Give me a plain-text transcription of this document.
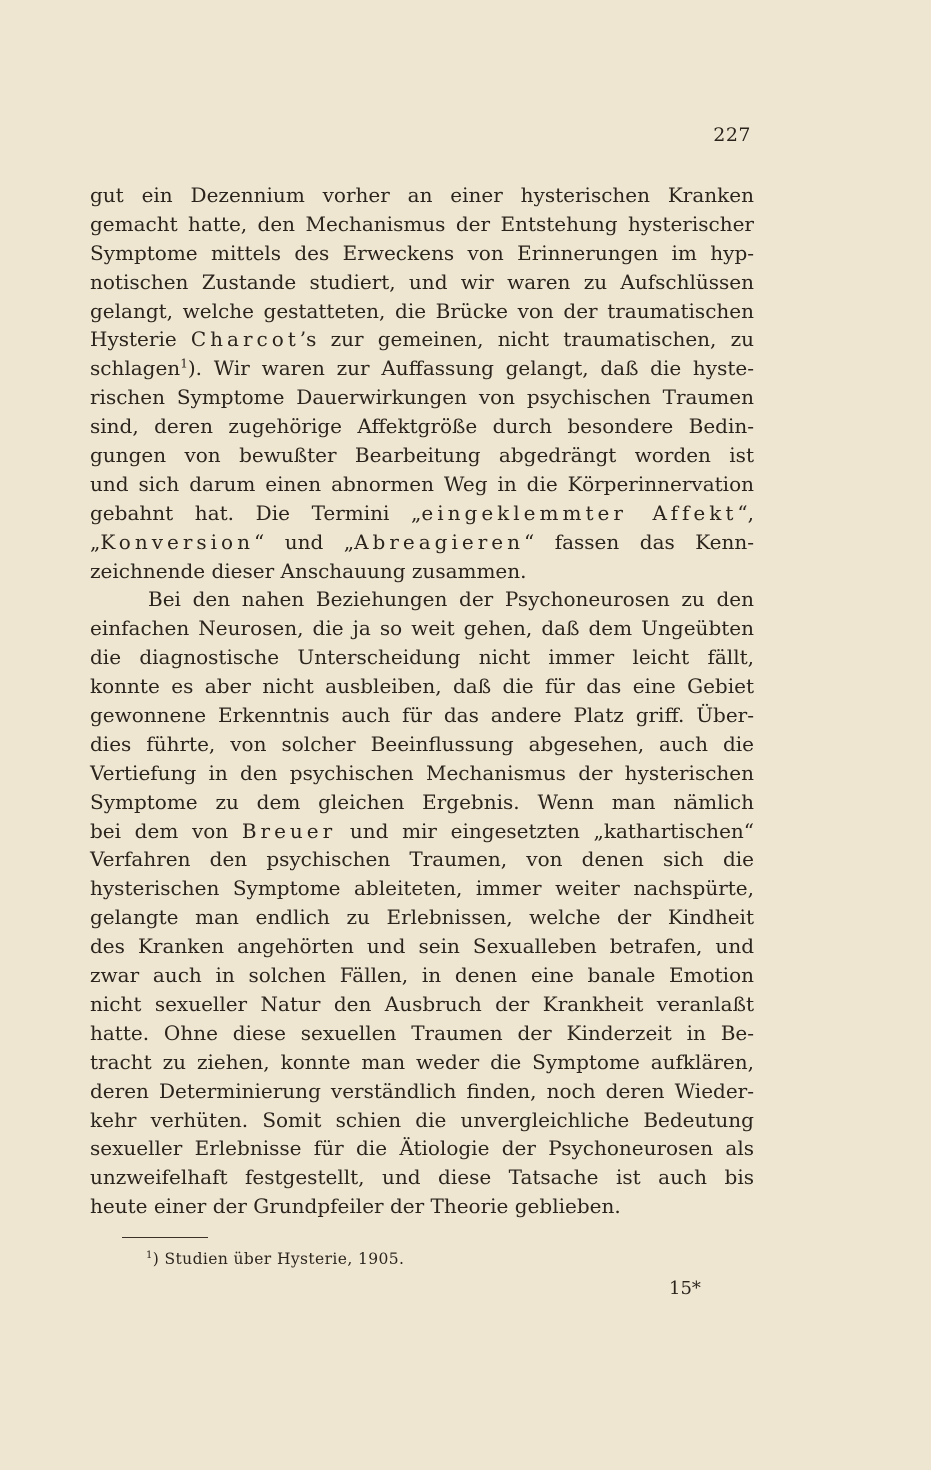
227
gut ein Dezennium vorher an einer hysterischen Kranken
gemacht hatte, den Mechanismus der Entstehung hysterischer
Symptome mittels des Erweckens von Erinnerungen im hyp-
notischen Zustande studiert, und wir waren zu Aufschlüssen
gelangt, welche gestatteten, die Brücke von der traumatischen
Hysterie Charcot’s zur gemeinen, nicht traumatischen, zu
schlagen$^1$). Wir waren zur Auffassung gelangt, daß die hyste-
rischen Symptome Dauerwirkungen von psychischen Traumen
sind, deren zugehörige Affektgröße durch besondere Bedin-
gungen von bewußter Bearbeitung abgedrängt worden ist
und sich darum einen abnormen Weg in die Körperinnervation
gebahnt hat. Die Termini „eingeklemmter Affekt“,
„Konversion“ und „Abreagieren“ fassen das Kenn-
zeichnende dieser Anschauung zusammen.
Bei den nahen Beziehungen der Psychoneurosen zu den
einfachen Neurosen, die ja so weit gehen, daß dem Ungeübten
die diagnostische Unterscheidung nicht immer leicht fällt,
konnte es aber nicht ausbleiben, daß die für das eine Gebiet
gewonnene Erkenntnis auch für das andere Platz griff. Über-
dies führte, von solcher Beeinflussung abgesehen, auch die
Vertiefung in den psychischen Mechanismus der hysterischen
Symptome zu dem gleichen Ergebnis. Wenn man nämlich
bei dem von Breuer und mir eingesetzten „kathartischen“
Verfahren den psychischen Traumen, von denen sich die
hysterischen Symptome ableiteten, immer weiter nachspürte,
gelangte man endlich zu Erlebnissen, welche der Kindheit
des Kranken angehörten und sein Sexualleben betrafen, und
zwar auch in solchen Fällen, in denen eine banale Emotion
nicht sexueller Natur den Ausbruch der Krankheit veranlaßt
hatte. Ohne diese sexuellen Traumen der Kinderzeit in Be-
tracht zu ziehen, konnte man weder die Symptome aufklären,
deren Determinierung verständlich finden, noch deren Wieder-
kehr verhüten. Somit schien die unvergleichliche Bedeutung
sexueller Erlebnisse für die Ätiologie der Psychoneurosen als
unzweifelhaft festgestellt, und diese Tatsache ist auch bis
heute einer der Grundpfeiler der Theorie geblieben.
$^1$) Studien über Hysterie, 1905.
15*
